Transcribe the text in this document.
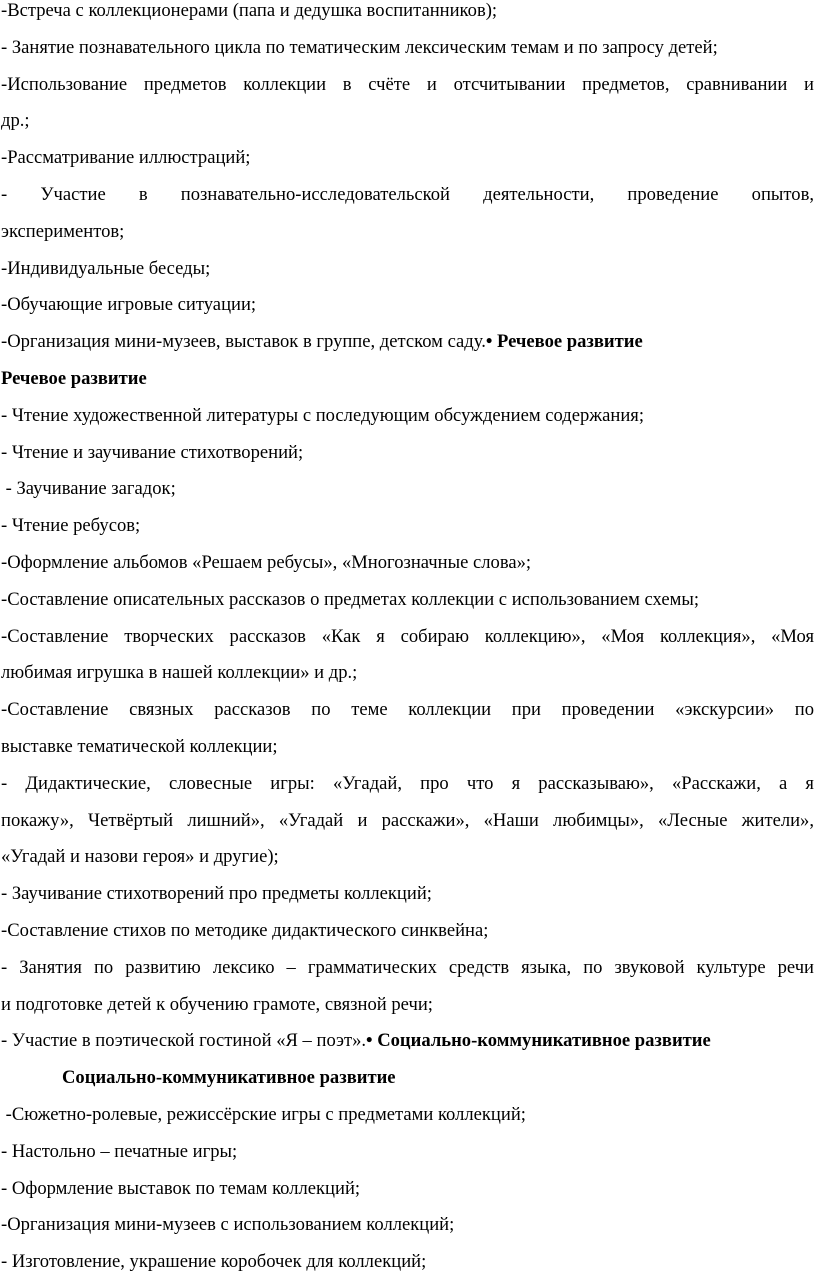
-Встреча с коллекционерами (папа и дедушка воспитанников);
- Занятие познавательного цикла по тематическим лексическим темам и по запросу детей;
-Использование предметов коллекции в счёте и отсчитывании предметов, сравнивании и
др.;
-Рассматривание иллюстраций;
- Участие в познавательно-исследовательской деятельности, проведение опытов,
экспериментов;
-Индивидуальные беседы;
-Обучающие игровые ситуации;
-Организация мини-музеев, выставок в группе, детском саду.• Речевое развитие
Речевое развитие
- Чтение художественной литературы с последующим обсуждением содержания;
- Чтение и заучивание стихотворений;
- Заучивание загадок;
- Чтение ребусов;
-Оформление альбомов «Решаем ребусы», «Многозначные слова»;
-Составление описательных рассказов о предметах коллекции с использованием схемы;
-Составление творческих рассказов «Как я собираю коллекцию», «Моя коллекция», «Моя
любимая игрушка в нашей коллекции» и др.;
-Составление связных рассказов по теме коллекции при проведении «экскурсии» по
выставке тематической коллекции;
- Дидактические, словесные игры: «Угадай, про что я рассказываю», «Расскажи, а я
покажу», Четвёртый лишний», «Угадай и расскажи», «Наши любимцы», «Лесные жители»,
«Угадай и назови героя» и другие);
- Заучивание стихотворений про предметы коллекций;
-Составление стихов по методике дидактического синквейна;
- Занятия по развитию лексико – грамматических средств языка, по звуковой культуре речи
и подготовке детей к обучению грамоте, связной речи;
- Участие в поэтической гостиной «Я – поэт».• Социально-коммуникативное развитие
Социально-коммуникативное развитие
-Сюжетно-ролевые, режиссёрские игры с предметами коллекций;
- Настольно – печатные игры;
- Оформление выставок по темам коллекций;
-Организация мини-музеев с использованием коллекций;
- Изготовление, украшение коробочек для коллекций;
